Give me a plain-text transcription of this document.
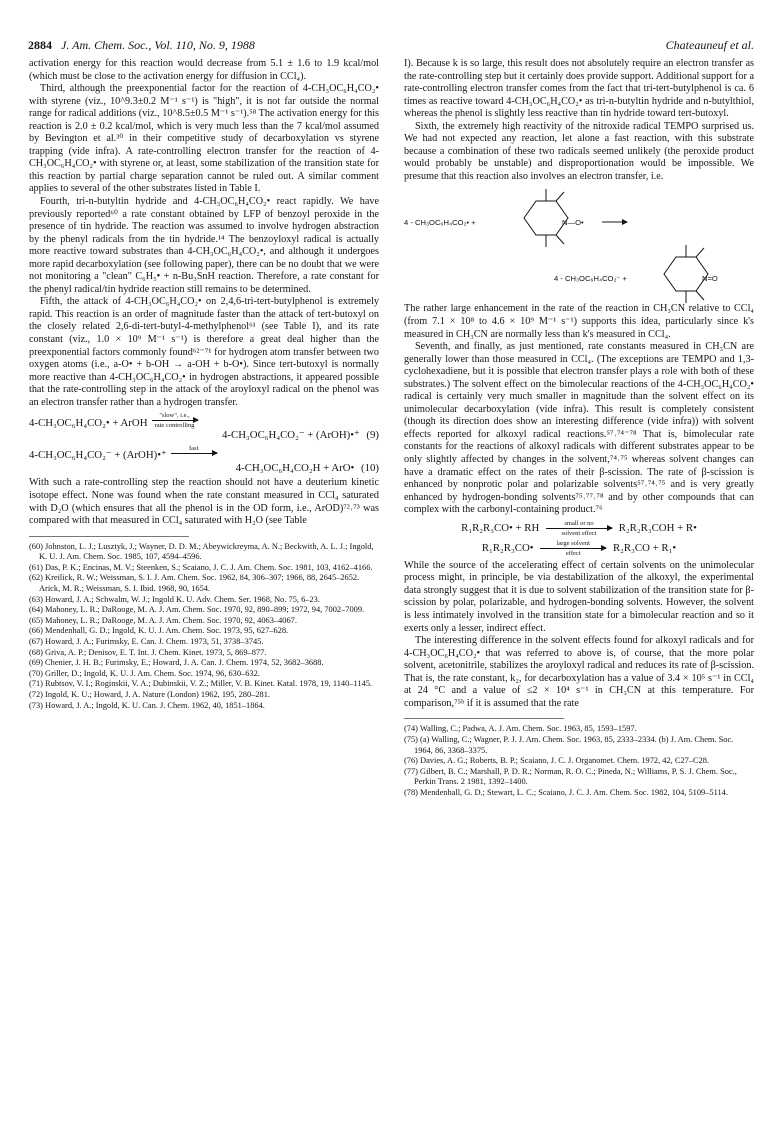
2884 J. Am. Chem. Soc., Vol. 110, No. 9, 1988	Chateauneuf et al.

activation energy for this reaction would decrease from 5.1 ± 1.6 to 1.9 kcal/mol (which must be close to the activation energy for diffusion in CCl₄).

Third, although the preexponential factor for the reaction of 4-CH₃OC₆H₄CO₂• with styrene (viz., 10^9.3±0.2 M⁻¹ s⁻¹) is "high", it is not far outside the normal range for radical additions (viz., 10^8.5±0.5 M⁻¹ s⁻¹).⁵⁸ The activation energy for this reaction is 2.0 ± 0.2 kcal/mol, which is very much less than the 7 kcal/mol assumed by Bevington et al.³⁰ in their competitive study of decarboxylation vs styrene trapping (vide infra). A rate-controlling electron transfer for the reaction of 4-CH₃OC₆H₄CO₂• with styrene or, at least, some stabilization of the transition state for this reaction by partial charge separation cannot be ruled out. A similar comment applies to several of the other substrates listed in Table I.

Fourth, tri-n-butyltin hydride and 4-CH₃OC₆H₄CO₂• react rapidly. We have previously reported⁶⁰ a rate constant obtained by LFP of benzoyl peroxide in the presence of tin hydride. The reaction was assumed to involve hydrogen abstraction by the phenyl radicals from the tin hydride.¹⁴ The benzoyloxyl radical is actually more reactive toward substrates than 4-CH₃OC₆H₄CO₂•, and although it undergoes more rapid decarboxylation (see following paper), there can be no doubt that we were not monitoring a "clean" C₆H₅• + n-Bu₃SnH reaction. Therefore, a rate constant for the phenyl radical/tin hydride reaction still remains to be determined.

Fifth, the attack of 4-CH₃OC₆H₄CO₂• on 2,4,6-tri-tert-butylphenol is extremely rapid. This reaction is an order of magnitude faster than the attack of tert-butoxyl on the closely related 2,6-di-tert-butyl-4-methylphenol⁶¹ (see Table I), and its rate constant (viz., 1.0 × 10⁹ M⁻¹ s⁻¹) is therefore a great deal higher than the preexponential factors commonly found⁶²⁻⁷¹ for hydrogen atom transfer between two oxygen atoms (i.e., a-O• + b-OH → a-OH + b-O•). Since tert-butoxyl is normally more reactive than 4-CH₃OC₆H₄CO₂• in hydrogen abstractions, it appeared possible that the rate-controlling step in the attack of the aroyloxyl radical on the phenol was an electron transfer rather than a hydrogen transfer.

4-CH₃OC₆H₄CO₂• + ArOH
"slow", i.e.,
rate controlling
4-CH₃OC₆H₄CO₂⁻ + (ArOH)•⁺ (9)
4-CH₃OC₆H₄CO₂⁻ + (ArOH)•⁺
fast

4-CH₃OC₆H₄CO₂H + ArO• (10)

With such a rate-controlling step the reaction should not have a deuterium kinetic isotope effect. None was found when the rate constant measured in CCl₄ saturated with D₂O (which ensures that all the phenol is in the OD form, i.e., ArOD)⁷²˒⁷³ was compared with that measured in CCl₄ saturated with H₂O (see Table

(60) Johnston, L. J.; Lusztyk, J.; Wayner, D. D. M.; Abeywickreyma, A. N.; Beckwith, A. L. J.; Ingold, K. U. J. Am. Chem. Soc. 1985, 107, 4594–4596.
(61) Das, P. K.; Encinas, M. V.; Steenken, S.; Scaiano, J. C. J. Am. Chem. Soc. 1981, 103, 4162–4166.
(62) Kreilick, R. W.; Weissman, S. I. J. Am. Chem. Soc. 1962, 84, 306–307; 1966, 88, 2645–2652. Arick, M. R.; Weissman, S. I. Ibid. 1968, 90, 1654.
(63) Howard, J. A.; Schwalm, W. J.; Ingold K. U. Adv. Chem. Ser. 1968, No. 75, 6–23.
(64) Mahoney, L. R.; DaRooge, M. A. J. Am. Chem. Soc. 1970, 92, 890–899; 1972, 94, 7002–7009.
(65) Mahoney, L. R.; DaRooge, M. A. J. Am. Chem. Soc. 1970, 92, 4063–4067.
(66) Mendenhall, G. D.; Ingold, K. U. J. Am. Chem. Soc. 1973, 95, 627–628.
(67) Howard, J. A.; Furimsky, E. Can. J. Chem. 1973, 51, 3738–3745.
(68) Griva, A. P.; Denisov, E. T. Int. J. Chem. Kinet. 1973, 5, 869–877.
(69) Chenier, J. H. B.; Furimsky, E.; Howard, J. A. Can. J. Chem. 1974, 52, 3682–3688.
(70) Griller, D.; Ingold, K. U. J. Am. Chem. Soc. 1974, 96, 630–632.
(71) Rubtsov, V. I.; Roginskii, V. A.; Dubinskii, V. Z.; Miller, V. B. Kinet. Katal. 1978, 19, 1140–1145.
(72) Ingold, K. U.; Howard, J. A. Nature (London) 1962, 195, 280–281.
(73) Howard, J. A.; Ingold, K. U. Can. J. Chem. 1962, 40, 1851–1864.

I). Because k is so large, this result does not absolutely require an electron transfer as the rate-controlling step but it certainly does provide support. Additional support for a rate-controlling electron transfer comes from the fact that tri-tert-butylphenol is ca. 6 times as reactive toward 4-CH₃OC₆H₄CO₂• as tri-n-butyltin hydride and n-butylthiol, whereas the phenol is slightly less reactive than tin hydride toward tert-butoxyl.

Sixth, the extremely high reactivity of the nitroxide radical TEMPO surprised us. We had not expected any reaction, let alone a fast reaction, with this substrate because a combination of these two radicals seemed unlikely (the peroxide product would probably be unstable) and disproportionation would be impossible. We presume that this reaction also involves an electron transfer, i.e.

4 - CH₃OC₆H₄CO₂• +	N—O•
4 - CH₃OC₆H₄CO₂⁻ +	N=O

The rather large enhancement in the rate of the reaction in CH₃CN relative to CCl₄ (from 7.1 × 10⁸ to 4.6 × 10⁹ M⁻¹ s⁻¹) supports this idea, particularly since k's measured in CH₃CN are normally less than k's measured in CCl₄.

Seventh, and finally, as just mentioned, rate constants measured in CH₃CN are generally lower than those measured in CCl₄. (The exceptions are TEMPO and 1,3-cyclohexadiene, but it is possible that electron transfer plays a role with both of these substrates.) The solvent effect on the bimolecular reactions of the 4-CH₃OC₆H₄CO₂• radical is certainly very much smaller in magnitude than the solvent effect on its unimolecular decarboxylation (vide infra). This result is completely consistent (though its direction does show an interesting difference (vide infra)) with solvent effects reported for alkoxyl radical reactions.⁵⁷˒⁷⁴⁻⁷⁸ That is, bimolecular rate constants for the reactions of alkoxyl radicals with different substrates appear to be only slightly affected by changes in the solvent,⁷⁴˒⁷⁵ whereas solvent changes can have a dramatic effect on the rates of their β-scission. The rate of β-scission is enhanced by nonprotic polar and polarizable solvents⁵⁷˒⁷⁴˒⁷⁵ and is very greatly enhanced by hydrogen-bonding solvents⁷⁵˒⁷⁷˒⁷⁸ and by other compounds that can complex with the carbonyl-containing product.⁷⁶

R₁R₂R₃CO• + RH	small or no
solvent effect R₂R₂R₃COH + R•
R₁R₂R₃CO•	large solvent
effect	R₂R₃CO + R₁•

While the source of the accelerating effect of certain solvents on the unimolecular process might, in principle, be via destabilization of the alkoxyl, the experimental data strongly suggest that it is due to solvent stabilization of the transition state for β-scission by polar, polarizable, and hydrogen-bonding solvents. However, the solvent is less intimately involved in the transition state for a bimolecular reaction and so it exerts only a lesser, indirect effect.

The interesting difference in the solvent effects found for alkoxyl radicals and for 4-CH₃OC₆H₄CO₂• that was referred to above is, of course, that the more polar solvent, acetonitrile, stabilizes the aroyloxyl radical and reduces its rate of β-scission. That is, the rate constant, k₂, for decarboxylation has a value of 3.4 × 10⁵ s⁻¹ in CCl₄ at 24 °C and a value of ≤2 × 10⁴ s⁻¹ in CH₃CN at this temperature. For comparison,⁷⁵ᵇ if it is assumed that the rate

(74) Walling, C.; Padwa, A. J. Am. Chem. Soc. 1963, 85, 1593–1597.
(75) (a) Walling, C.; Wagner, P. J. J. Am. Chem. Soc. 1963, 85, 2333–2334. (b) J. Am. Chem. Soc. 1964, 86, 3368–3375.
(76) Davies, A. G.; Roberts, B. P.; Scaiano, J. C. J. Organomet. Chem. 1972, 42, C27–C28.
(77) Gilbert, B. C.; Marshall, P. D. R.; Norman, R. O. C.; Pineda, N.; Williams, P. S. J. Chem. Soc., Perkin Trans. 2 1981, 1392–1400.
(78) Mendenhall, G. D.; Stewart, L. C.; Scaiano, J. C. J. Am. Chem. Soc. 1982, 104, 5109–5114.
